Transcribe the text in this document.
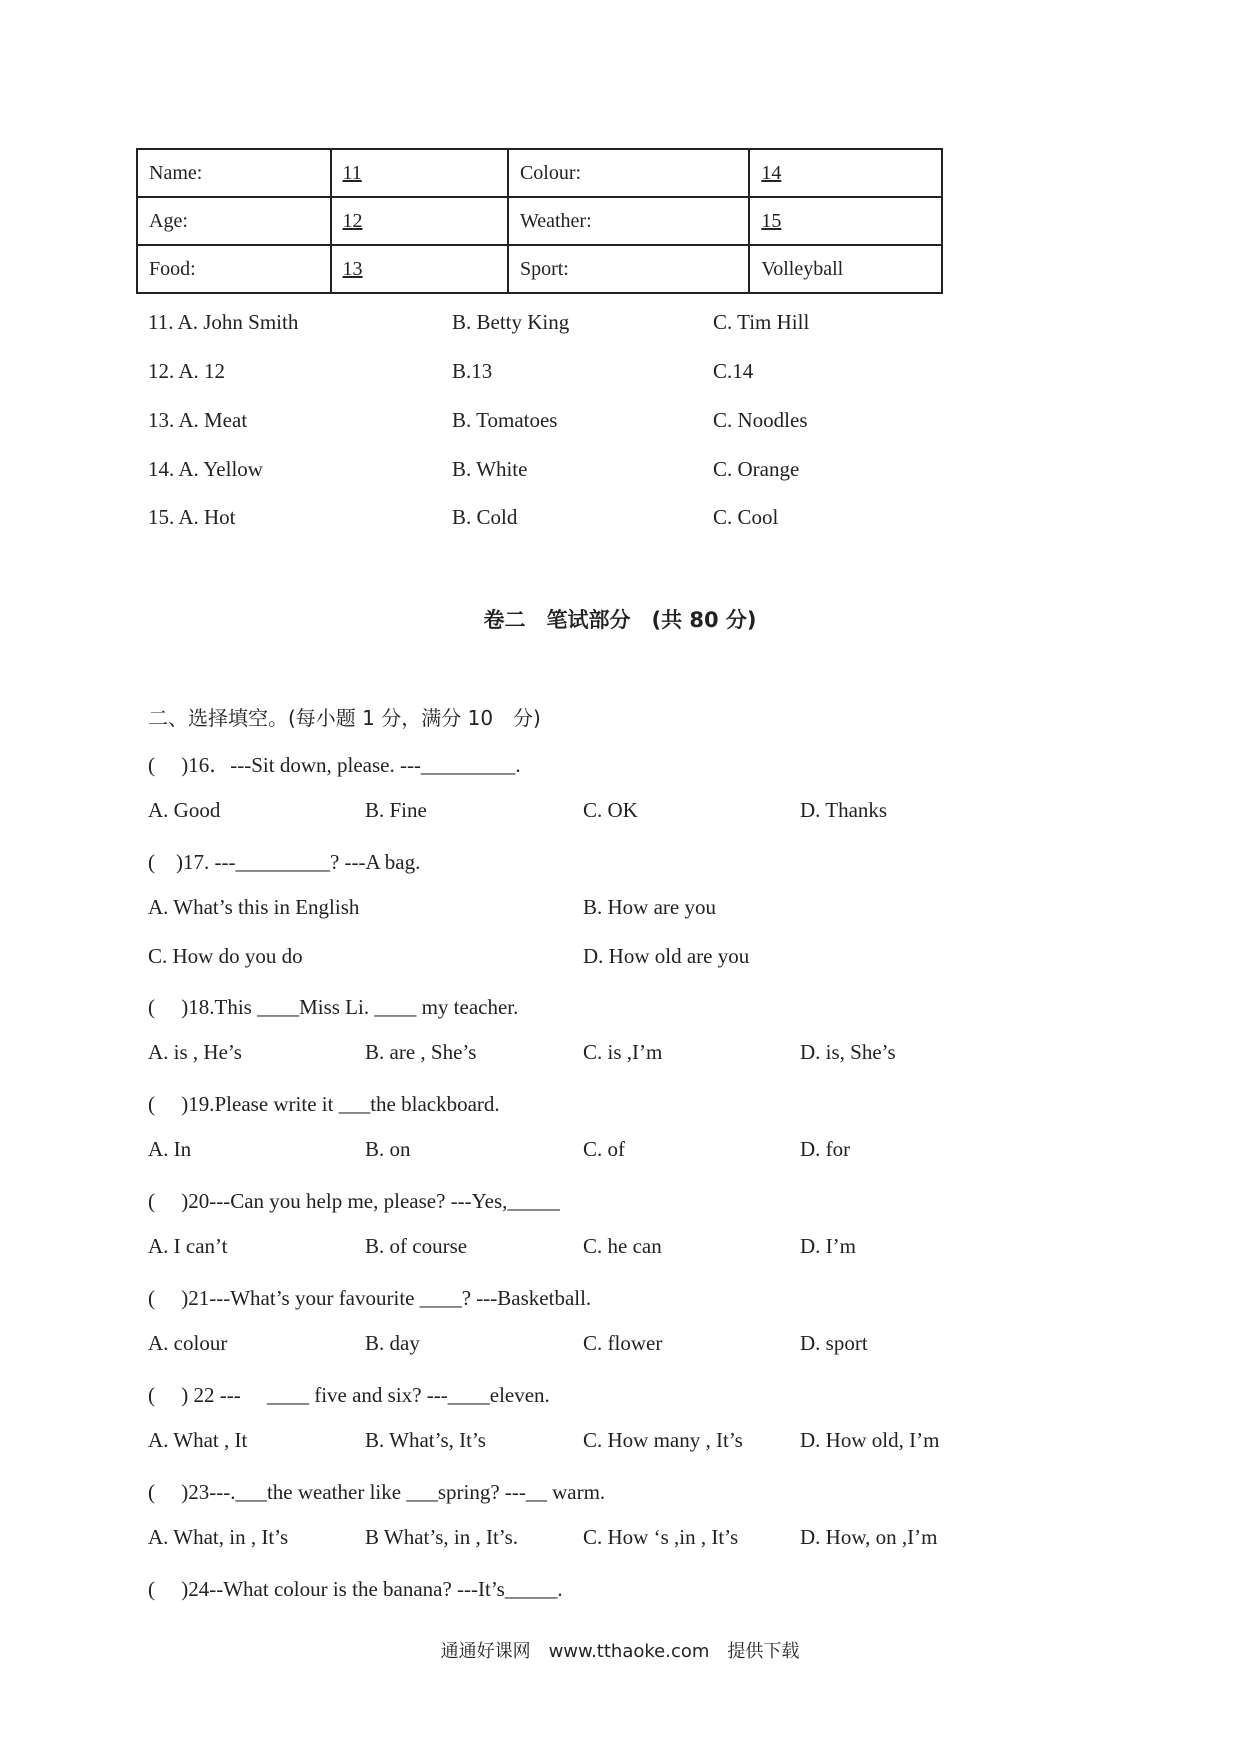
Name:	11	Colour:	14
Age:	12	Weather:	15
Food:	13	Sport:	Volleyball
11. A. John Smith	B. Betty King	C. Tim Hill
12. A. 12	B.13	C.14
13. A. Meat	B. Tomatoes	C. Noodles
14. A. Yellow	B. White	C. Orange
15. A. Hot	B. Cold	C. Cool
卷二　笔试部分　(共 80 分)
二、选择填空。(每小题 1 分，满分 10　分)
(　 )16．---Sit down, please. ---_________.
A. Good	B. Fine	C. OK	D. Thanks
(　)17. ---_________? ---A bag.
A. What’s this in English	B. How are you
C. How do you do	D. How old are you
(　 )18.This ____Miss Li. ____ my teacher.
A. is , He’s	B. are , She’s	C. is ,I’m	D. is, She’s
(　 )19.Please write it ___the blackboard.
A. In	B. on	C. of	D. for
(　 )20---Can you help me, please? ---Yes,_____
A. I can’t	B. of course	C. he can	D. I’m
(　 )21---What’s your favourite ____? ---Basketball.
A. colour	B. day	C. flower	D. sport
(　 ) 22 ---　 ____ five and six? ---____eleven.
A. What , It	B. What’s, It’s	C. How many , It’s	D. How old, I’m
(　 )23---.___the weather like ___spring? ---__ warm.
A. What, in , It’s	B What’s, in , It’s.	C. How ‘s ,in , It’s	D. How, on ,I’m
(　 )24--What colour is the banana? ---It’s_____.
通通好课网　www.tthaoke.com　提供下载
